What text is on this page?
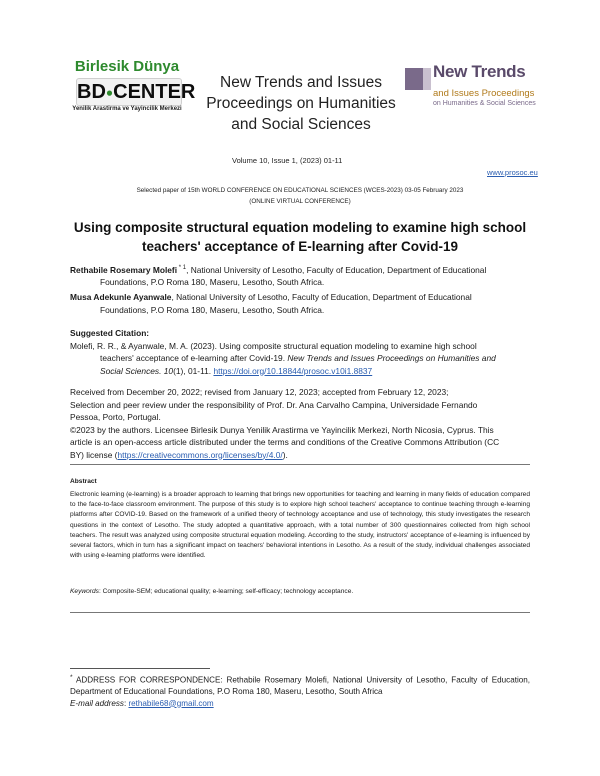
Birlesik Dünya
BD●CENTER
Yenilik Arastirma ve Yayincilik Merkezi
New Trends and Issues
Proceedings on Humanities
and Social Sciences
New Trends
and Issues Proceedings
on Humanities & Social Sciences
Volume 10, Issue 1, (2023) 01-11
www.prosoc.eu
Selected paper of 15th WORLD CONFERENCE ON EDUCATIONAL SCIENCES (WCES-2023) 03-05 February 2023
(ONLINE VIRTUAL CONFERENCE)
Using composite structural equation modeling to examine high school
teachers' acceptance of E-learning after Covid-19
Rethabile Rosemary Molefi $^{* 1}$, National University of Lesotho, Faculty of Education, Department of Educational
Foundations, P.O Roma 180, Maseru, Lesotho, South Africa.
Musa Adekunle Ayanwale, National University of Lesotho, Faculty of Education, Department of Educational
Foundations, P.O Roma 180, Maseru, Lesotho, South Africa.
Suggested Citation:
Molefi, R. R., & Ayanwale, M. A. (2023). Using composite structural equation modeling to examine high school
teachers' acceptance of e-learning after Covid-19. New Trends and Issues Proceedings on Humanities and
Social Sciences. 10(1), 01-11. https://doi.org/10.18844/prosoc.v10i1.8837
Received from December 20, 2022; revised from January 12, 2023; accepted from February 12, 2023;
Selection and peer review under the responsibility of Prof. Dr. Ana Carvalho Campina, Universidade Fernando
Pessoa, Porto, Portugal.
©2023 by the authors. Licensee Birlesik Dunya Yenilik Arastirma ve Yayincilik Merkezi, North Nicosia, Cyprus. This
article is an open-access article distributed under the terms and conditions of the Creative Commons Attribution (CC
BY) license (https://creativecommons.org/licenses/by/4.0/).
Abstract
Electronic learning (e-learning) is a broader approach to learning that brings new opportunities for teaching and learning in many fields of education compared to the face-to-face classroom environment. The purpose of this study is to explore high school teachers' acceptance to continue teaching through e-learning platforms after COVID-19. Based on the framework of a unified theory of technology acceptance and use of technology, this study investigates the research questions in the context of Lesotho. The study adopted a quantitative approach, with a total number of 300 questionnaires collected from high school teachers. The result was analyzed using composite structural equation modeling. According to the study, instructors' acceptance of e-learning is influenced by several factors, which in turn has a significant impact on teachers' behavioral intentions in Lesotho. As a result of the study, individual challenges associated with using e-learning platforms were identified.
Keywords: Composite-SEM; educational quality; e-learning; self-efficacy; technology acceptance.
* ADDRESS FOR CORRESPONDENCE: Rethabile Rosemary Molefi, National University of Lesotho, Faculty of Education, Department of Educational Foundations, P.O Roma 180, Maseru, Lesotho, South Africa
E-mail address: rethabile68@gmail.com
